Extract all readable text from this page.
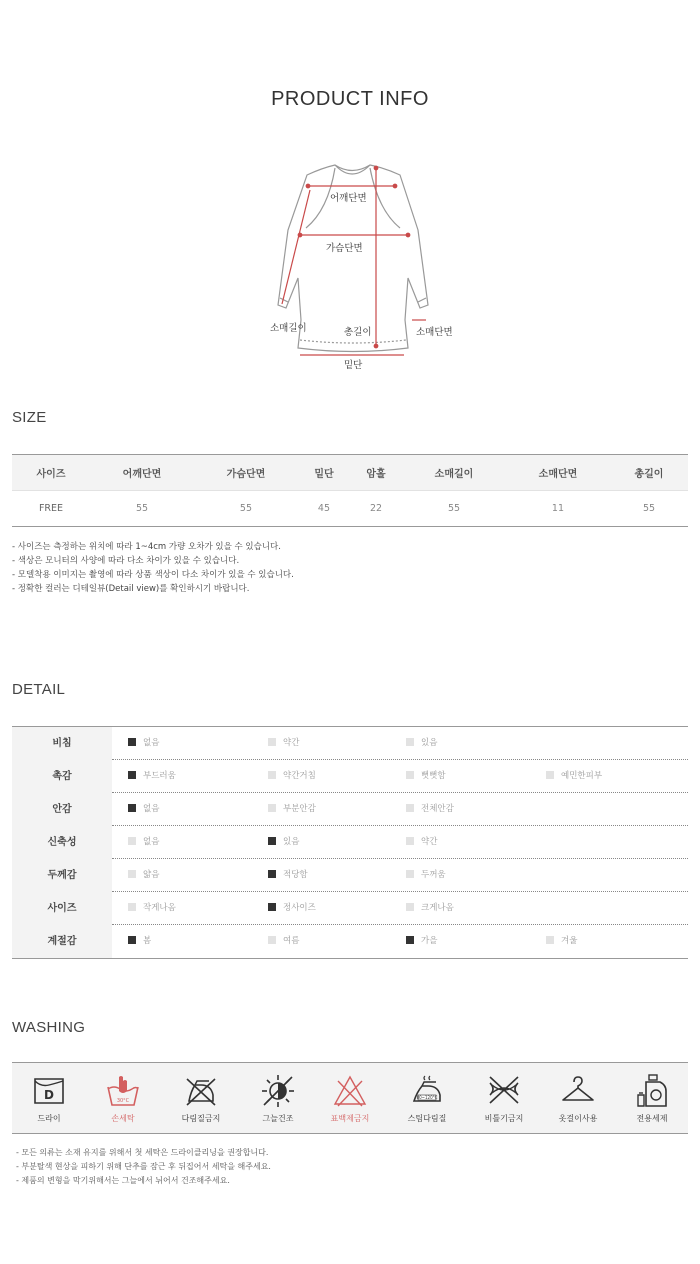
PRODUCT INFO
어깨단면
가슴단면
소매길이	총길이	소매단면
밑단
SIZE
사이즈	어깨단면	가슴단면	밑단	암홀	소매길이	소매단면	총길이
FREE	55	55	45	22	55	11	55
- 사이즈는 측정하는 위치에 따라 1~4cm 가량 오차가 있을 수 있습니다.
- 색상은 모니터의 사양에 따라 다소 차이가 있을 수 있습니다.
- 모델착용 이미지는 촬영에 따라 상품 색상이 다소 차이가 있을 수 있습니다.
- 정확한 컬러는 디테일뷰(Detail view)를 확인하시기 바랍니다.
DETAIL
비침	없음	약간	있음
촉감	부드러움	약간거침	뻣뻣함	예민한피부
안감	없음	부분안감	전체안감
신축성	없음	있음	약간
두께감	얇음	적당함	두꺼움
사이즈	작게나옴	정사이즈	크게나옴
계절감	봄	여름	가을	겨울
WASHING
D
드라이
30°C
손세탁	다림질금지	그늘건조	표백제금지
80~120°C
스팀다림질	비틀기금지	옷걸이사용	전용세제
- 모든 의류는 소재 유지를 위해서 첫 세탁은 드라이클리닝을 권장합니다.
- 부분탈색 현상을 피하기 위해 단추를 잠근 후 뒤집어서 세탁을 해주세요.
- 제품의 변형을 막기위해서는 그늘에서 뉘어서 건조해주세요.
